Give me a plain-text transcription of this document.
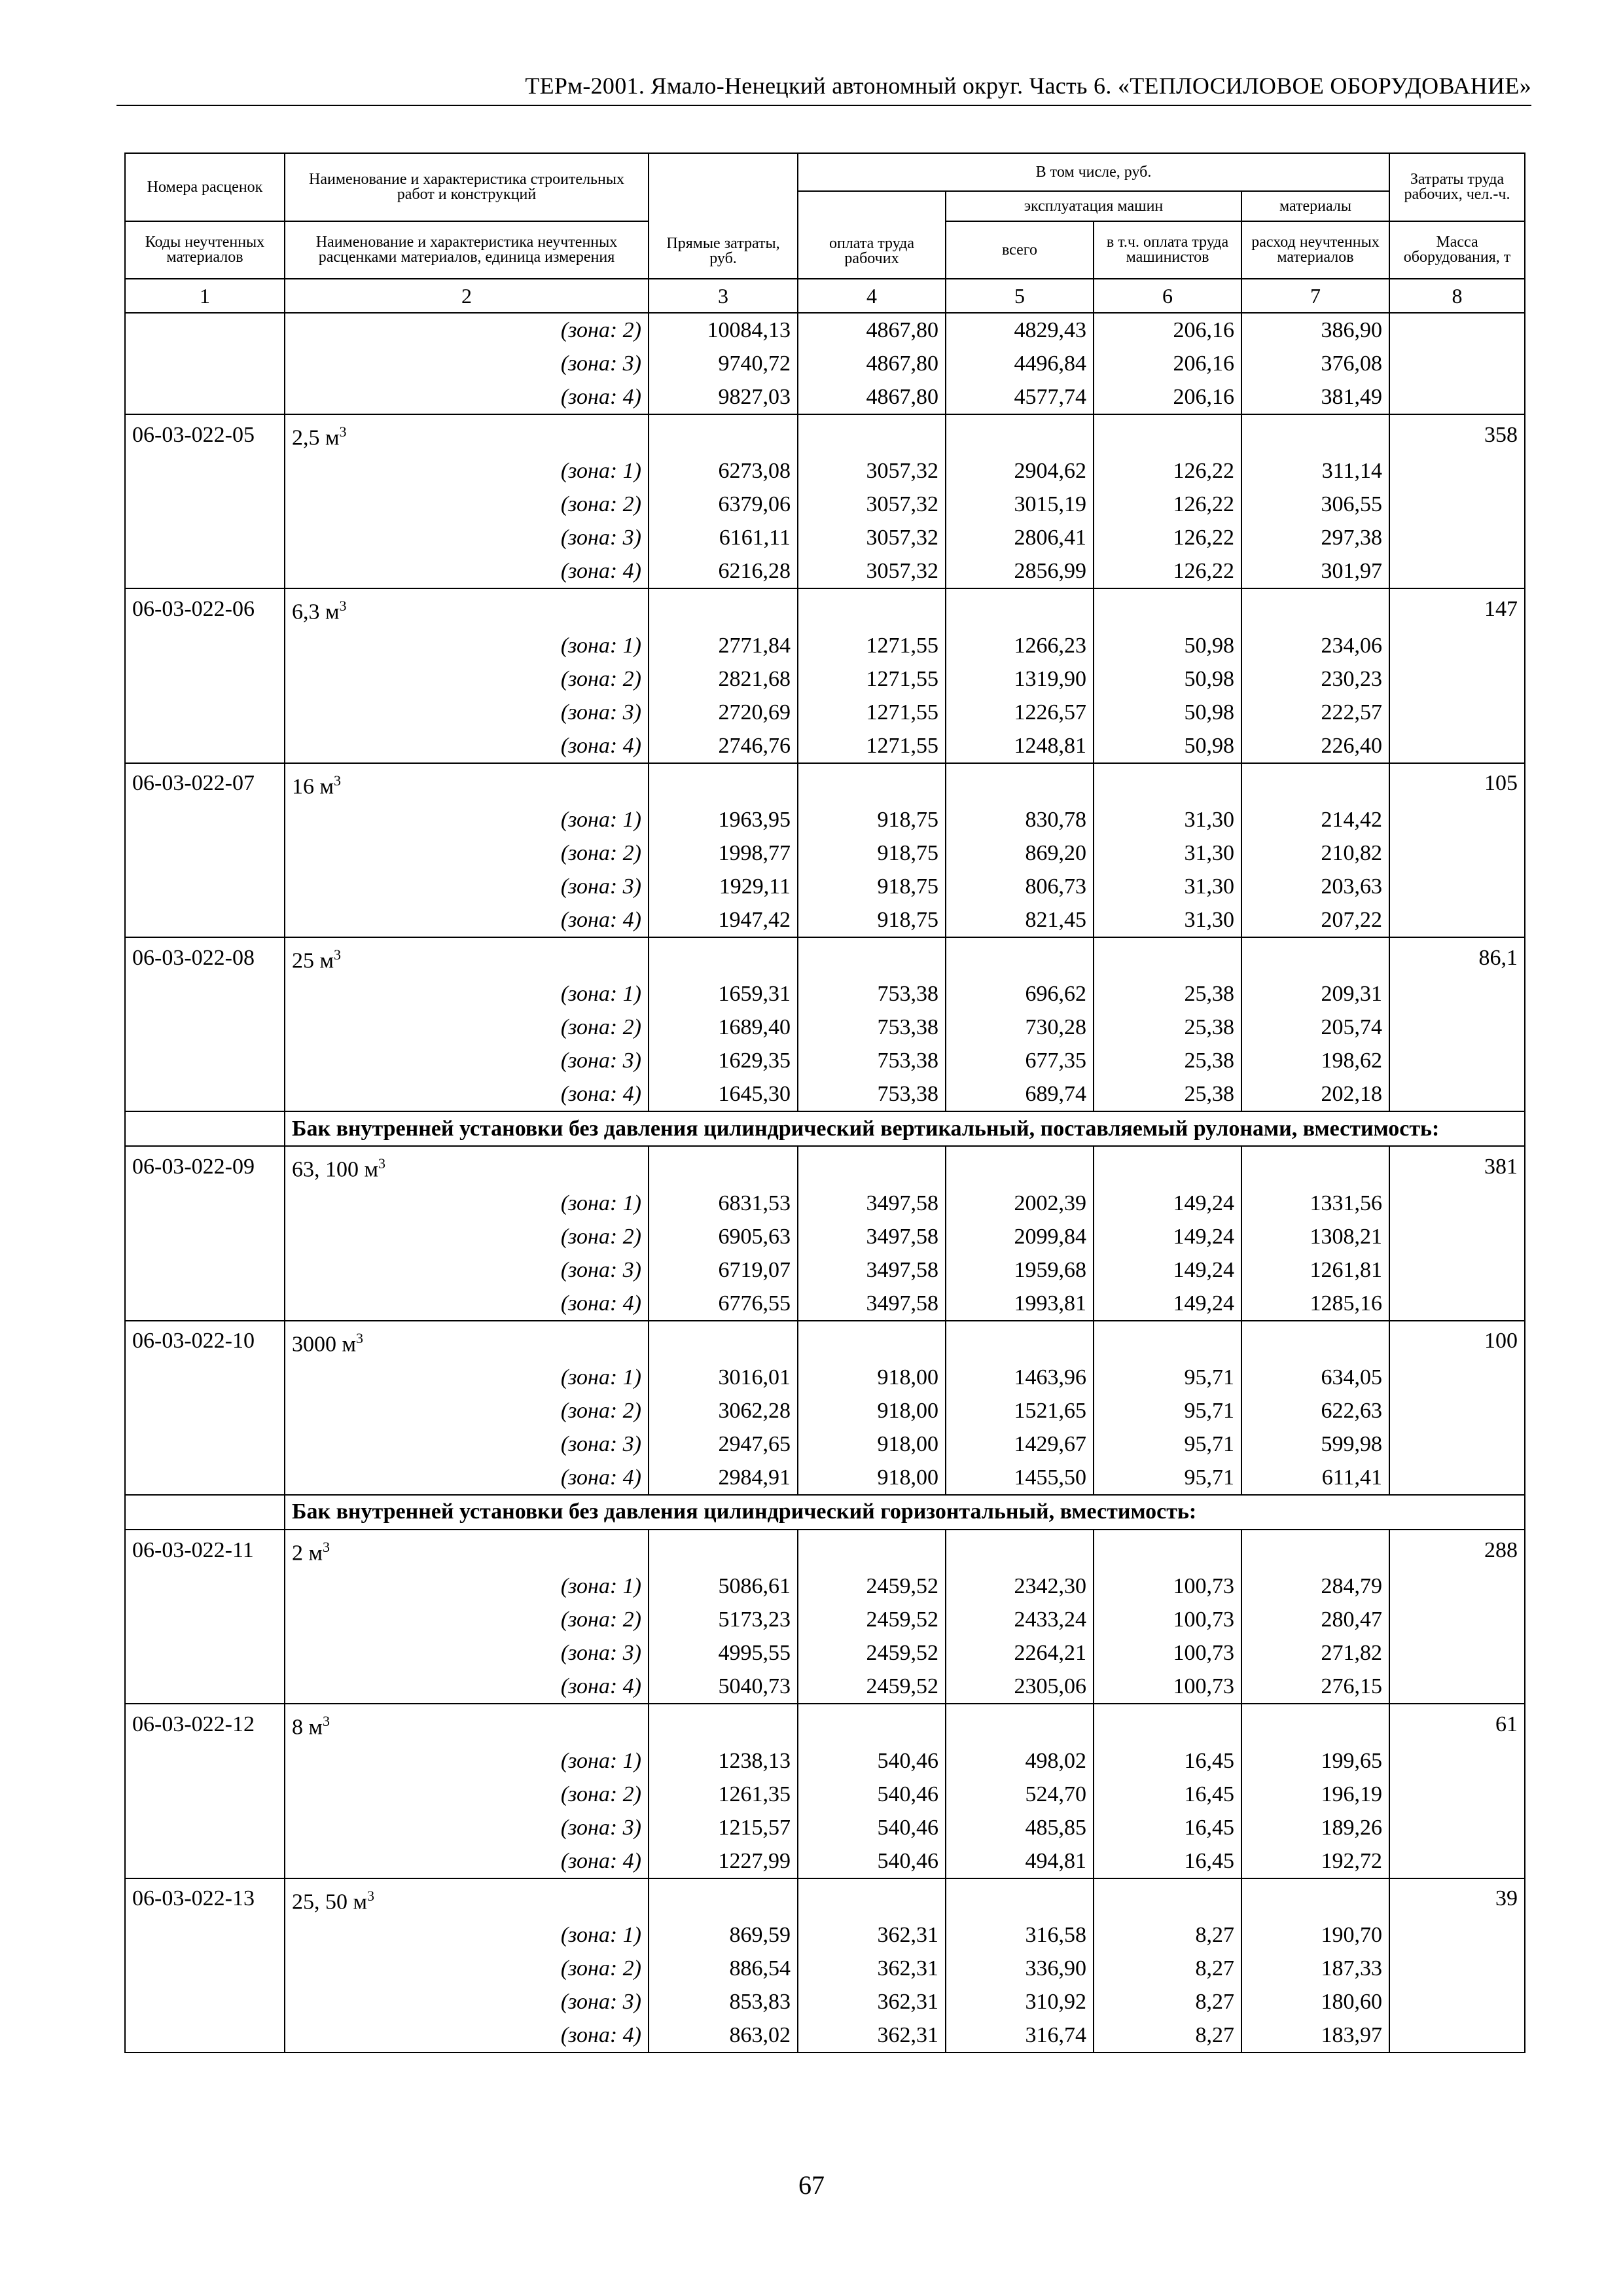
ТЕРм-2001. Ямало-Ненецкий автономный округ. Часть 6. «ТЕПЛОСИЛОВОЕ ОБОРУДОВАНИЕ»
Номера расценок	Наименование и характеристика строительных работ и конструкций	Прямые затраты, руб.	В том числе, руб.				Затраты труда рабочих, чел.-ч.
			оплата труда рабочих	эксплуатация машин		материалы	
Коды неучтенных материалов	Наименование и характеристика неучтенных расценками материалов, единица измерения			всего	в т.ч. оплата труда машинистов	расход неучтенных материалов	Масса оборудования, т
1	2	3	4	5	6	7	8
	(зона: 2)	10084,13	4867,80	4829,43	206,16	386,90	
	(зона: 3)	9740,72	4867,80	4496,84	206,16	376,08	
	(зона: 4)	9827,03	4867,80	4577,74	206,16	381,49	
06-03-022-05	2,5 $м^3$						358
	(зона: 1)	6273,08	3057,32	2904,62	126,22	311,14	
	(зона: 2)	6379,06	3057,32	3015,19	126,22	306,55	
	(зона: 3)	6161,11	3057,32	2806,41	126,22	297,38	
	(зона: 4)	6216,28	3057,32	2856,99	126,22	301,97	
06-03-022-06	6,3 $м^3$						147
	(зона: 1)	2771,84	1271,55	1266,23	50,98	234,06	
	(зона: 2)	2821,68	1271,55	1319,90	50,98	230,23	
	(зона: 3)	2720,69	1271,55	1226,57	50,98	222,57	
	(зона: 4)	2746,76	1271,55	1248,81	50,98	226,40	
06-03-022-07	16 $м^3$						105
	(зона: 1)	1963,95	918,75	830,78	31,30	214,42	
	(зона: 2)	1998,77	918,75	869,20	31,30	210,82	
	(зона: 3)	1929,11	918,75	806,73	31,30	203,63	
	(зона: 4)	1947,42	918,75	821,45	31,30	207,22	
06-03-022-08	25 $м^3$						86,1
	(зона: 1)	1659,31	753,38	696,62	25,38	209,31	
	(зона: 2)	1689,40	753,38	730,28	25,38	205,74	
	(зона: 3)	1629,35	753,38	677,35	25,38	198,62	
	(зона: 4)	1645,30	753,38	689,74	25,38	202,18	
	Бак внутренней установки без давления цилиндрический вертикальный, поставляемый рулонами, вместимость:						
06-03-022-09	63, 100 $м^3$						381
	(зона: 1)	6831,53	3497,58	2002,39	149,24	1331,56	
	(зона: 2)	6905,63	3497,58	2099,84	149,24	1308,21	
	(зона: 3)	6719,07	3497,58	1959,68	149,24	1261,81	
	(зона: 4)	6776,55	3497,58	1993,81	149,24	1285,16	
06-03-022-10	3000 $м^3$						100
	(зона: 1)	3016,01	918,00	1463,96	95,71	634,05	
	(зона: 2)	3062,28	918,00	1521,65	95,71	622,63	
	(зона: 3)	2947,65	918,00	1429,67	95,71	599,98	
	(зона: 4)	2984,91	918,00	1455,50	95,71	611,41	
	Бак внутренней установки без давления цилиндрический горизонтальный, вместимость:						
06-03-022-11	2 $м^3$						288
	(зона: 1)	5086,61	2459,52	2342,30	100,73	284,79	
	(зона: 2)	5173,23	2459,52	2433,24	100,73	280,47	
	(зона: 3)	4995,55	2459,52	2264,21	100,73	271,82	
	(зона: 4)	5040,73	2459,52	2305,06	100,73	276,15	
06-03-022-12	8 $м^3$						61
	(зона: 1)	1238,13	540,46	498,02	16,45	199,65	
	(зона: 2)	1261,35	540,46	524,70	16,45	196,19	
	(зона: 3)	1215,57	540,46	485,85	16,45	189,26	
	(зона: 4)	1227,99	540,46	494,81	16,45	192,72	
06-03-022-13	25, 50 $м^3$						39
	(зона: 1)	869,59	362,31	316,58	8,27	190,70	
	(зона: 2)	886,54	362,31	336,90	8,27	187,33	
	(зона: 3)	853,83	362,31	310,92	8,27	180,60	
	(зона: 4)	863,02	362,31	316,74	8,27	183,97	
67
